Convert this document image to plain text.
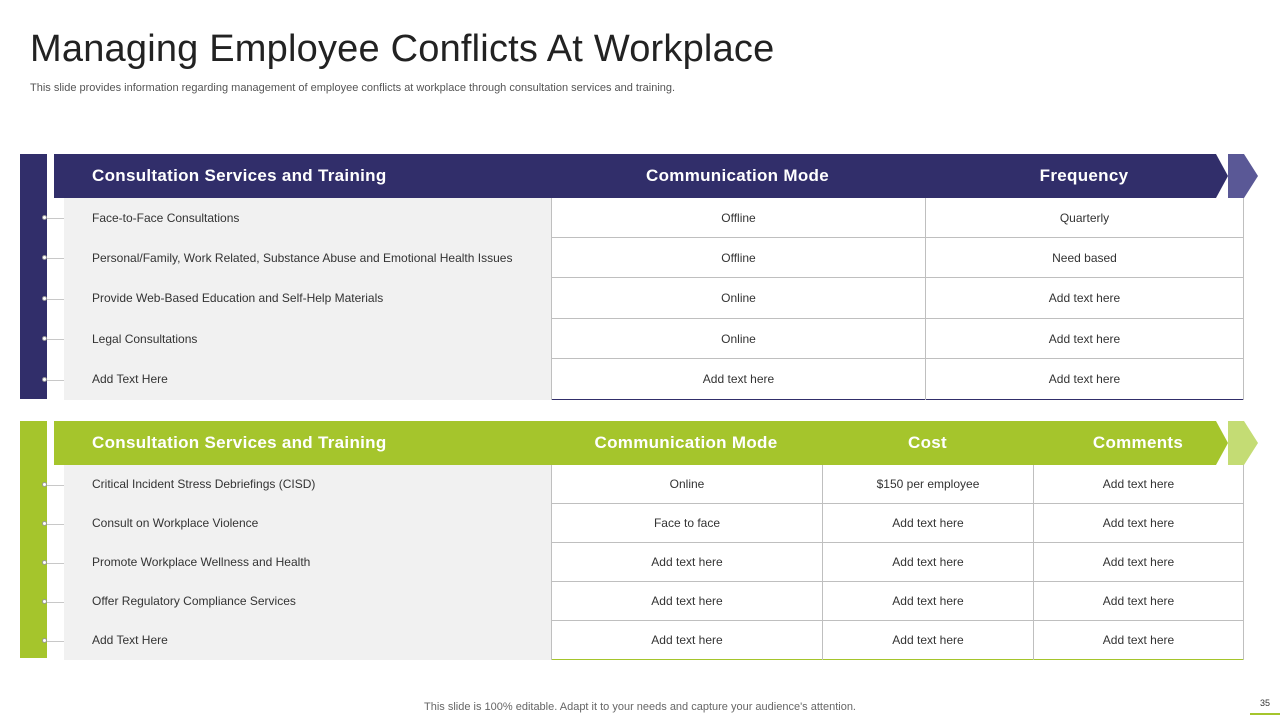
Managing Employee Conflicts At Workplace
This slide provides information regarding management of employee conflicts at workplace through consultation services and training.
Consultation Services and Training	Communication Mode	Frequency
Face-to-Face Consultations	Offline	Quarterly
Personal/Family, Work Related, Substance Abuse and Emotional Health Issues	Offline	Need based
Provide Web-Based Education and Self-Help Materials	Online	Add text here
Legal Consultations	Online	Add text here
Add Text Here	Add text here	Add text here
Consultation Services and Training	Communication Mode	Cost	Comments
Critical Incident Stress Debriefings (CISD)	Online	$150 per employee	Add text here
Consult on Workplace Violence	Face to face	Add text here	Add text here
Promote Workplace Wellness and Health	Add text here	Add text here	Add text here
Offer Regulatory Compliance Services	Add text here	Add text here	Add text here
Add Text Here	Add text here	Add text here	Add text here
This slide is 100% editable. Adapt it to your needs and capture your audience's attention.	35
